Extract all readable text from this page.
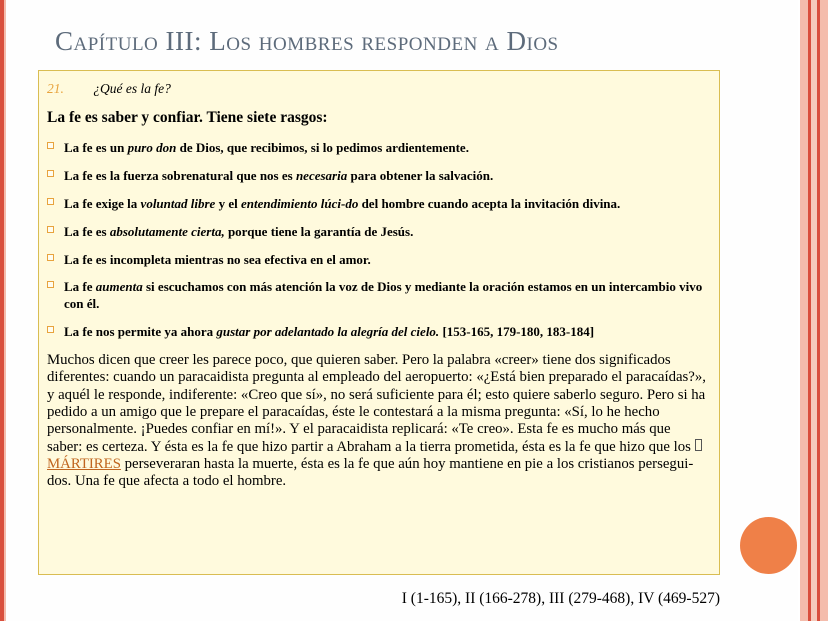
Capítulo III: Los hombres responden a Dios
21. ¿Qué es la fe?

La fe es saber y confiar. Tiene siete rasgos:

La fe es un puro don de Dios, que recibimos, si lo pedimos ardientemente.
La fe es la fuerza sobrenatural que nos es necesaria para obtener la salvación.
La fe exige la voluntad libre y el entendimiento lúci-do del hombre cuando acepta la invitación divina.
La fe es absolutamente cierta, porque tiene la garantía de Jesús.
La fe es incompleta mientras no sea efectiva en el amor.
La fe aumenta si escuchamos con más atención la voz de Dios y mediante la oración estamos en un intercambio vivo con él.
La fe nos permite ya ahora gustar por adelantado la alegría del cielo. [153-165, 179-180, 183-184]

Muchos dicen que creer les parece poco, que quieren saber. Pero la palabra «creer» tiene dos significados diferentes: cuando un paracaidista pregunta al empleado del aeropuerto: «¿Está bien preparado el paracaídas?», y aquél le responde, indiferente: «Creo que sí», no será suficiente para él; esto quiere saberlo seguro. Pero si ha pedido a un amigo que le prepare el paracaídas, éste le contestará a la misma pregunta: «Sí, lo he hecho personalmente. ¡Puedes confiar en mí!». Y el paracaidista replicará: «Te creo». Esta fe es mucho más que saber: es certeza. Y ésta es la fe que hizo partir a Abraham a la tierra prometida, ésta es la fe que hizo que los MÁRTIRES perseveraran hasta la muerte, ésta es la fe que aún hoy mantiene en pie a los cristianos persegui-dos. Una fe que afecta a todo el hombre.

I (1-165), II (166-278), III (279-468), IV (469-527)
